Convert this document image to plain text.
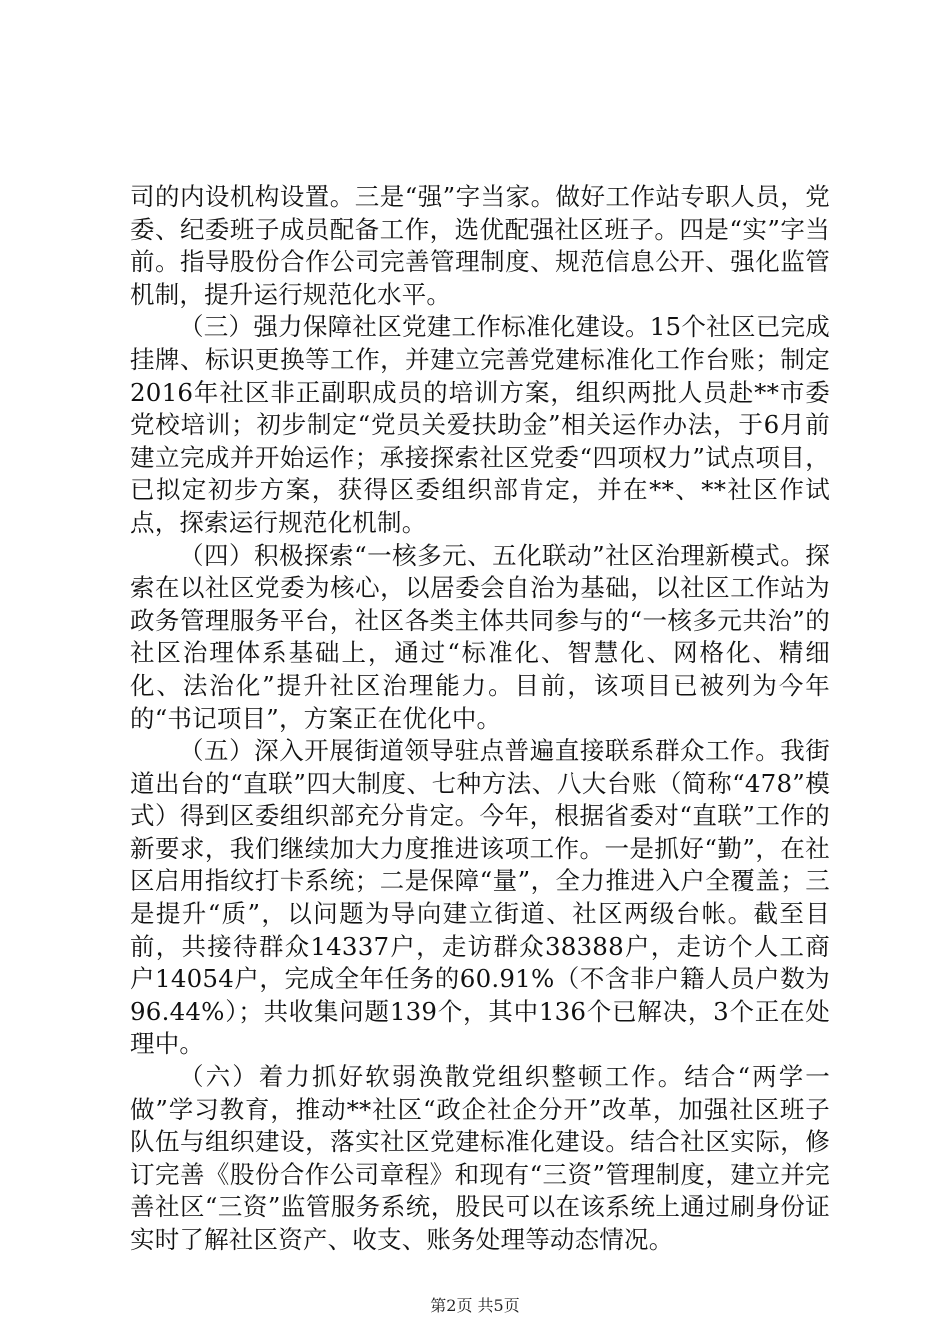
司的内设机构设置。三是“强”字当家。做好工作站专职人员，党委、纪委班子成员配备工作，选优配强社区班子。四是“实”字当前。指导股份合作公司完善管理制度、规范信息公开、强化监管机制，提升运行规范化水平。

（三）强力保障社区党建工作标准化建设。15个社区已完成挂牌、标识更换等工作，并建立完善党建标准化工作台账；制定2016年社区非正副职成员的培训方案，组织两批人员赴**市委党校培训；初步制定“党员关爱扶助金”相关运作办法，于6月前建立完成并开始运作；承接探索社区党委“四项权力”试点项目，已拟定初步方案，获得区委组织部肯定，并在**、**社区作试点，探索运行规范化机制。

（四）积极探索“一核多元、五化联动”社区治理新模式。探索在以社区党委为核心，以居委会自治为基础，以社区工作站为政务管理服务平台，社区各类主体共同参与的“一核多元共治”的社区治理体系基础上，通过“标准化、智慧化、网格化、精细化、法治化”提升社区治理能力。目前，该项目已被列为今年的“书记项目”，方案正在优化中。

（五）深入开展街道领导驻点普遍直接联系群众工作。我街道出台的“直联”四大制度、七种方法、八大台账（简称“478”模式）得到区委组织部充分肯定。今年，根据省委对“直联”工作的新要求，我们继续加大力度推进该项工作。一是抓好“勤”，在社区启用指纹打卡系统；二是保障“量”，全力推进入户全覆盖；三是提升“质”，以问题为导向建立街道、社区两级台帐。截至目前，共接待群众14337户，走访群众38388户，走访个人工商户14054户，完成全年任务的60.91%（不含非户籍人员户数为96.44%）；共收集问题139个，其中136个已解决，3个正在处理中。

（六）着力抓好软弱涣散党组织整顿工作。结合“两学一做”学习教育，推动**社区“政企社企分开”改革，加强社区班子队伍与组织建设，落实社区党建标准化建设。结合社区实际，修订完善《股份合作公司章程》和现有“三资”管理制度，建立并完善社区“三资”监管服务系统，股民可以在该系统上通过刷身份证实时了解社区资产、收支、账务处理等动态情况。

第2页 共5页
